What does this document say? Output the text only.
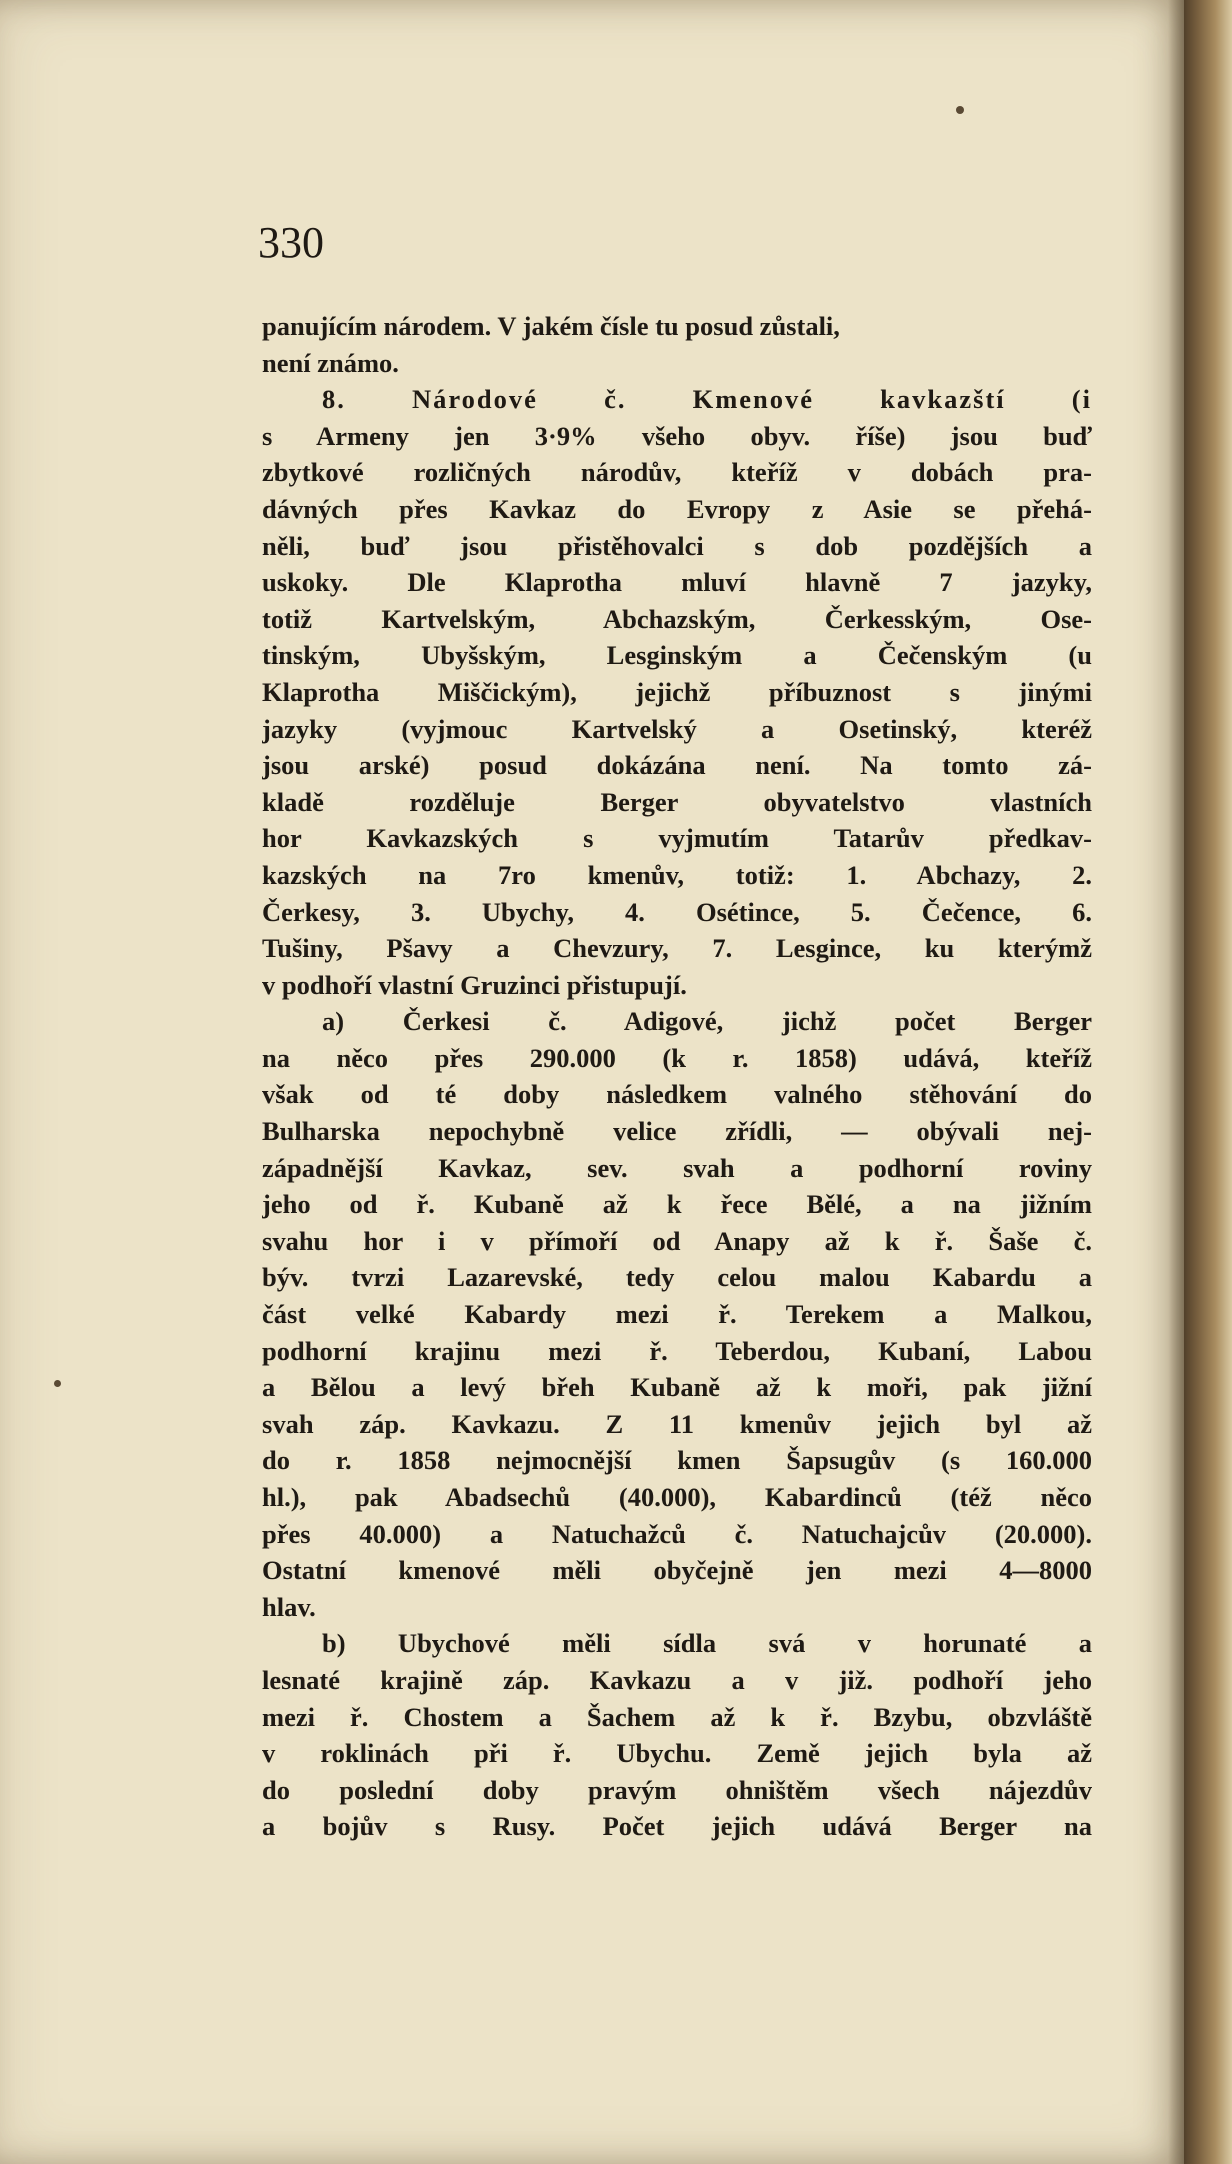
330
panujícím národem. V jakém čísle tu posud zůstali,
není známo.
8. Národové č. Kmenové kavkazští (i
s Armeny jen 3·9% všeho obyv. říše) jsou buď
zbytkové rozličných národův, kteříž v dobách pra-
dávných přes Kavkaz do Evropy z Asie se přehá-
něli, buď jsou přistěhovalci s dob pozdějších a
uskoky. Dle Klaprotha mluví hlavně 7 jazyky,
totiž Kartvelským, Abchazským, Čerkesským, Ose-
tinským, Ubyšským, Lesginským a Čečenským (u
Klaprotha Miščickým), jejichž příbuznost s jinými
jazyky (vyjmouc Kartvelský a Osetinský, kteréž
jsou arské) posud dokázána není. Na tomto zá-
kladě rozděluje Berger obyvatelstvo vlastních
hor Kavkazských s vyjmutím Tatarův předkav-
kazských na 7ro kmenův, totiž: 1. Abchazy, 2.
Čerkesy, 3. Ubychy, 4. Osétince, 5. Čečence, 6.
Tušiny, Pšavy a Chevzury, 7. Lesgince, ku kterýmž
v podhoří vlastní Gruzinci přistupují.
a) Čerkesi č. Adigové, jichž počet Berger
na něco přes 290.000 (k r. 1858) udává, kteříž
však od té doby následkem valného stěhování do
Bulharska nepochybně velice zřídli, — obývali nej-
západnější Kavkaz, sev. svah a podhorní roviny
jeho od ř. Kubaně až k řece Bělé, a na jižním
svahu hor i v přímoří od Anapy až k ř. Šaše č.
býv. tvrzi Lazarevské, tedy celou malou Kabardu a
část velké Kabardy mezi ř. Terekem a Malkou,
podhorní krajinu mezi ř. Teberdou, Kubaní, Labou
a Bělou a levý břeh Kubaně až k moři, pak jižní
svah záp. Kavkazu. Z 11 kmenův jejich byl až
do r. 1858 nejmocnější kmen Šapsugův (s 160.000
hl.), pak Abadsechů (40.000), Kabardinců (též něco
přes 40.000) a Natuchažců č. Natuchajcův (20.000).
Ostatní kmenové měli obyčejně jen mezi 4—8000
hlav.
b) Ubychové měli sídla svá v horunaté a
lesnaté krajině záp. Kavkazu a v již. podhoří jeho
mezi ř. Chostem a Šachem až k ř. Bzybu, obzvláště
v roklinách při ř. Ubychu. Země jejich byla až
do poslední doby pravým ohništěm všech nájezdův
a bojův s Rusy. Počet jejich udává Berger na
